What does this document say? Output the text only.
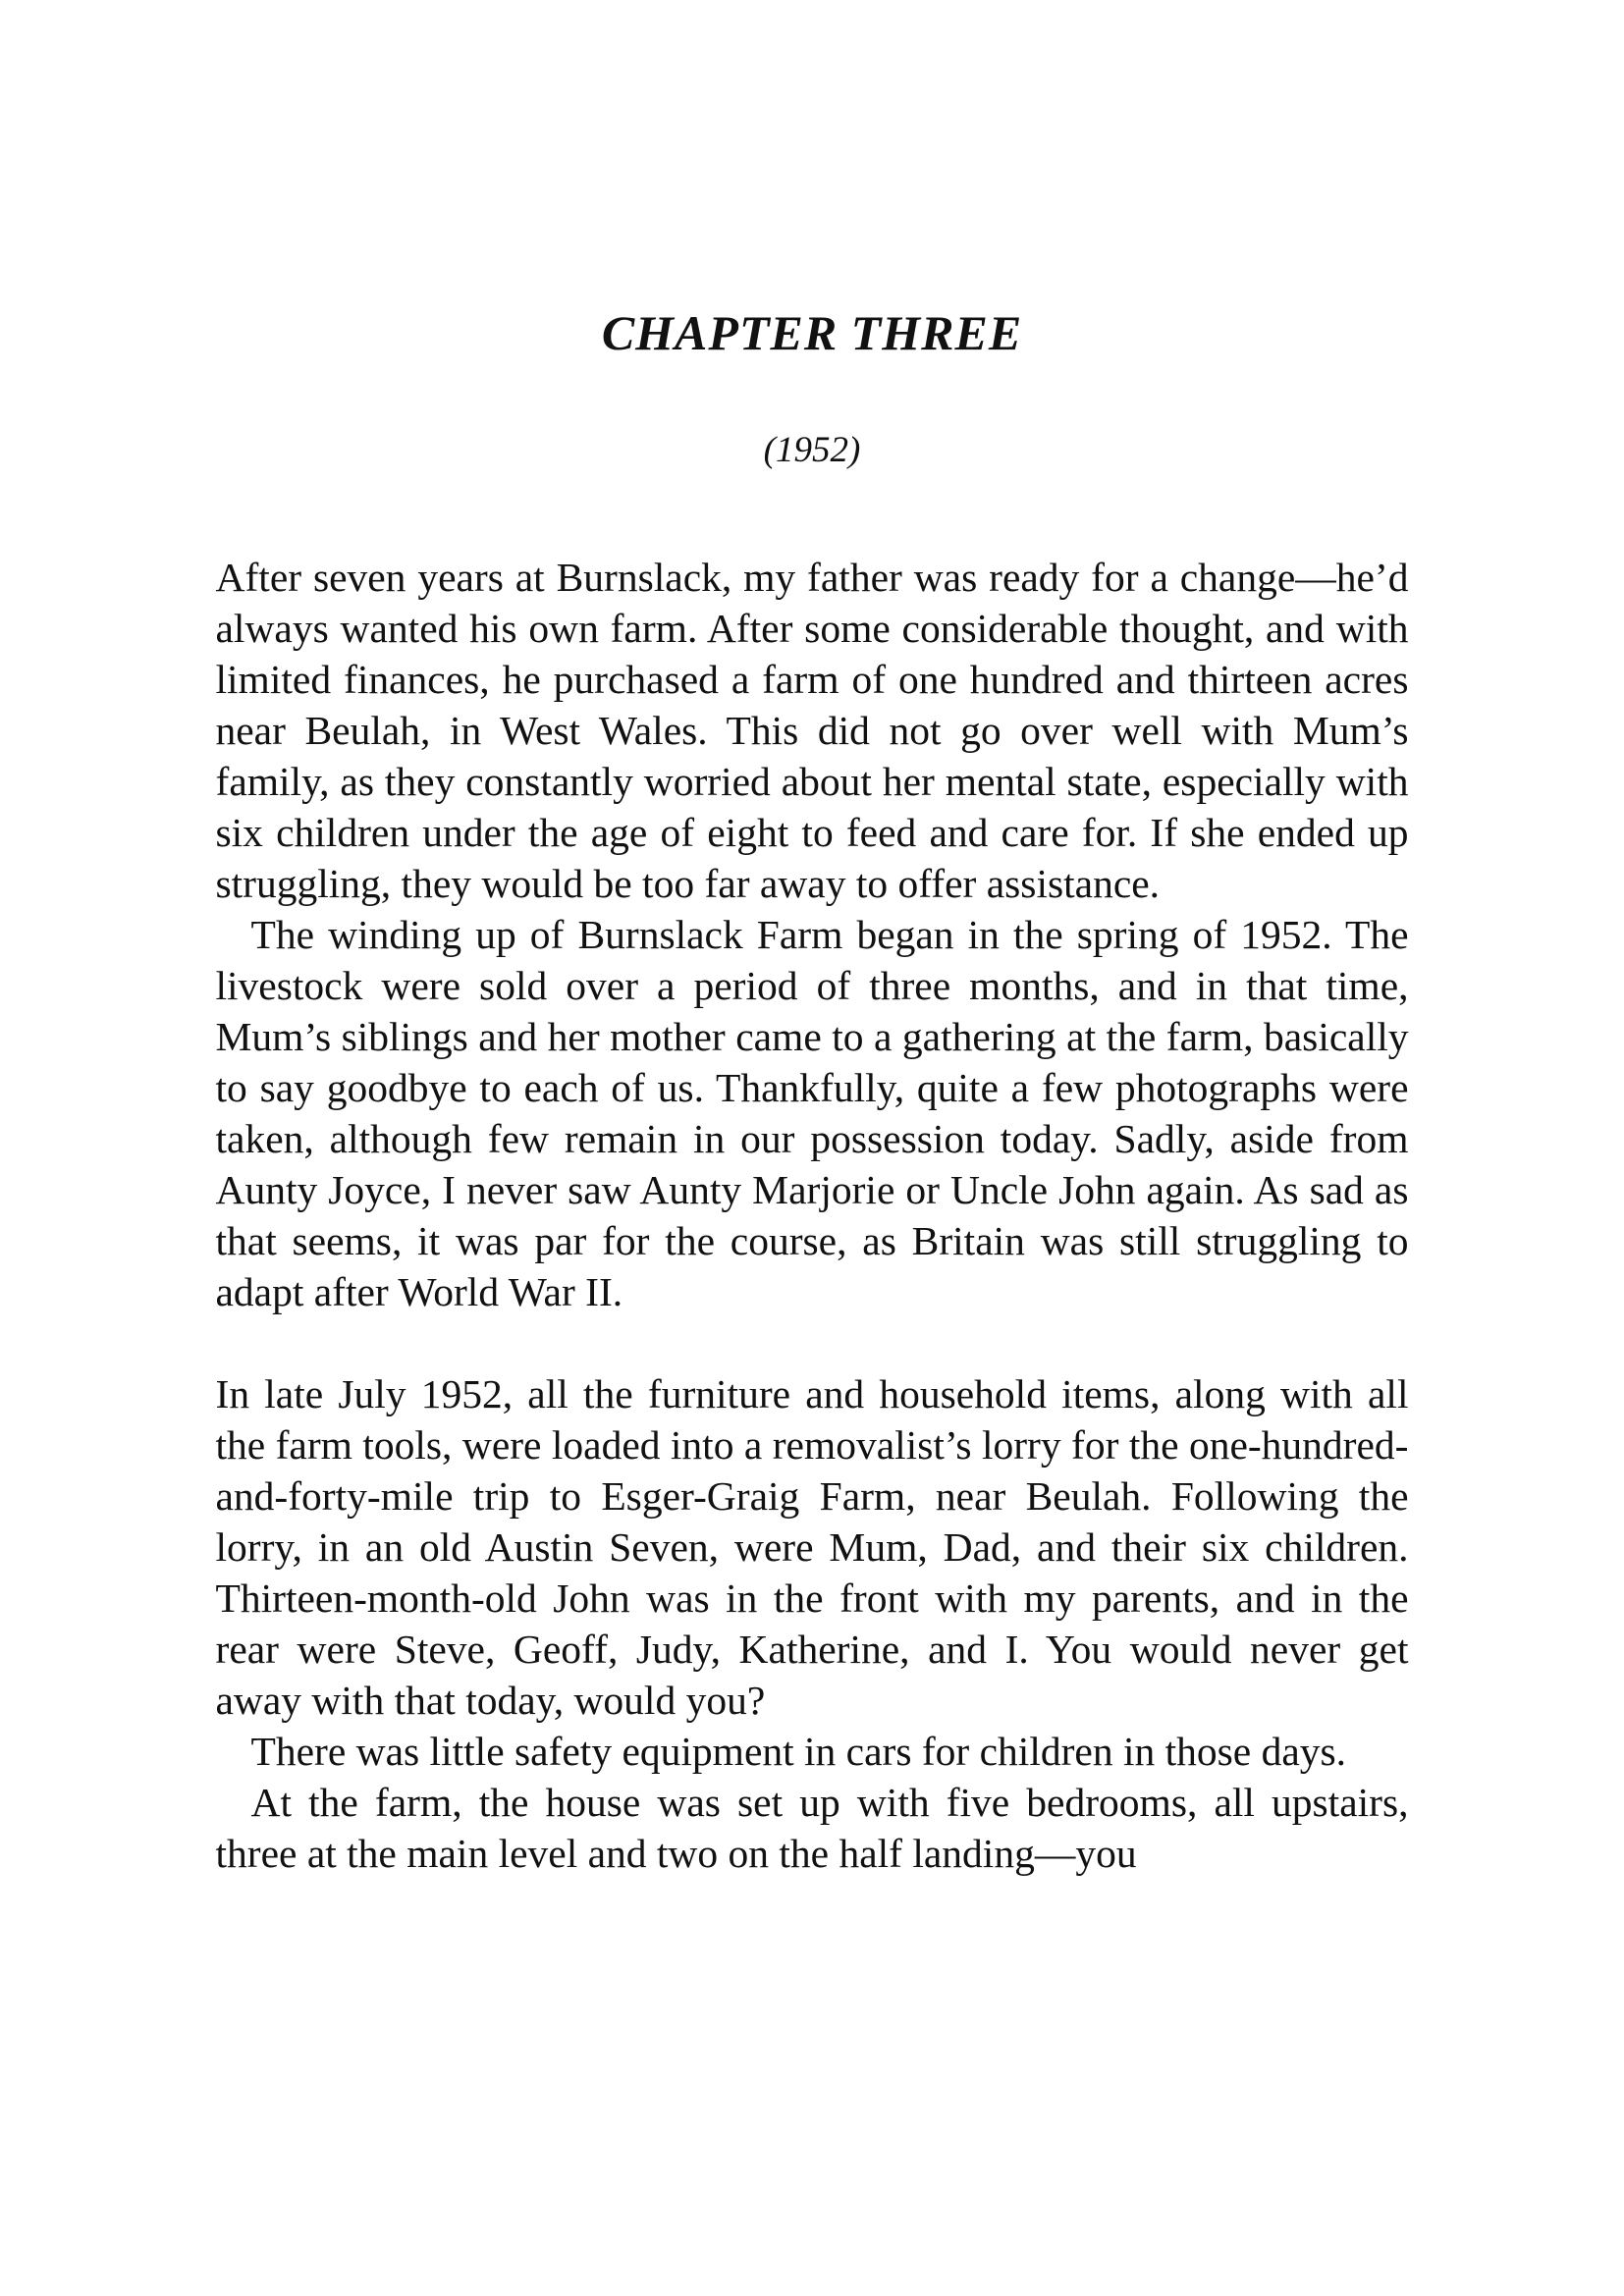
CHAPTER THREE
(1952)

After seven years at Burnslack, my father was ready for a change—he’d always wanted his own farm. After some considerable thought, and with limited finances, he purchased a farm of one hundred and thirteen acres near Beulah, in West Wales. This did not go over well with Mum’s family, as they constantly worried about her mental state, especially with six children under the age of eight to feed and care for. If she ended up struggling, they would be too far away to offer assistance.

The winding up of Burnslack Farm began in the spring of 1952. The livestock were sold over a period of three months, and in that time, Mum’s siblings and her mother came to a gathering at the farm, basically to say goodbye to each of us. Thankfully, quite a few photographs were taken, although few remain in our possession today. Sadly, aside from Aunty Joyce, I never saw Aunty Marjorie or Uncle John again. As sad as that seems, it was par for the course, as Britain was still struggling to adapt after World War II.

In late July 1952, all the furniture and household items, along with all the farm tools, were loaded into a removalist’s lorry for the one-hundred-and-forty-mile trip to Esger-Graig Farm, near Beulah. Following the lorry, in an old Austin Seven, were Mum, Dad, and their six children. Thirteen-month-old John was in the front with my parents, and in the rear were Steve, Geoff, Judy, Katherine, and I. You would never get away with that today, would you?

There was little safety equipment in cars for children in those days.

At the farm, the house was set up with five bedrooms, all upstairs, three at the main level and two on the half landing—you
